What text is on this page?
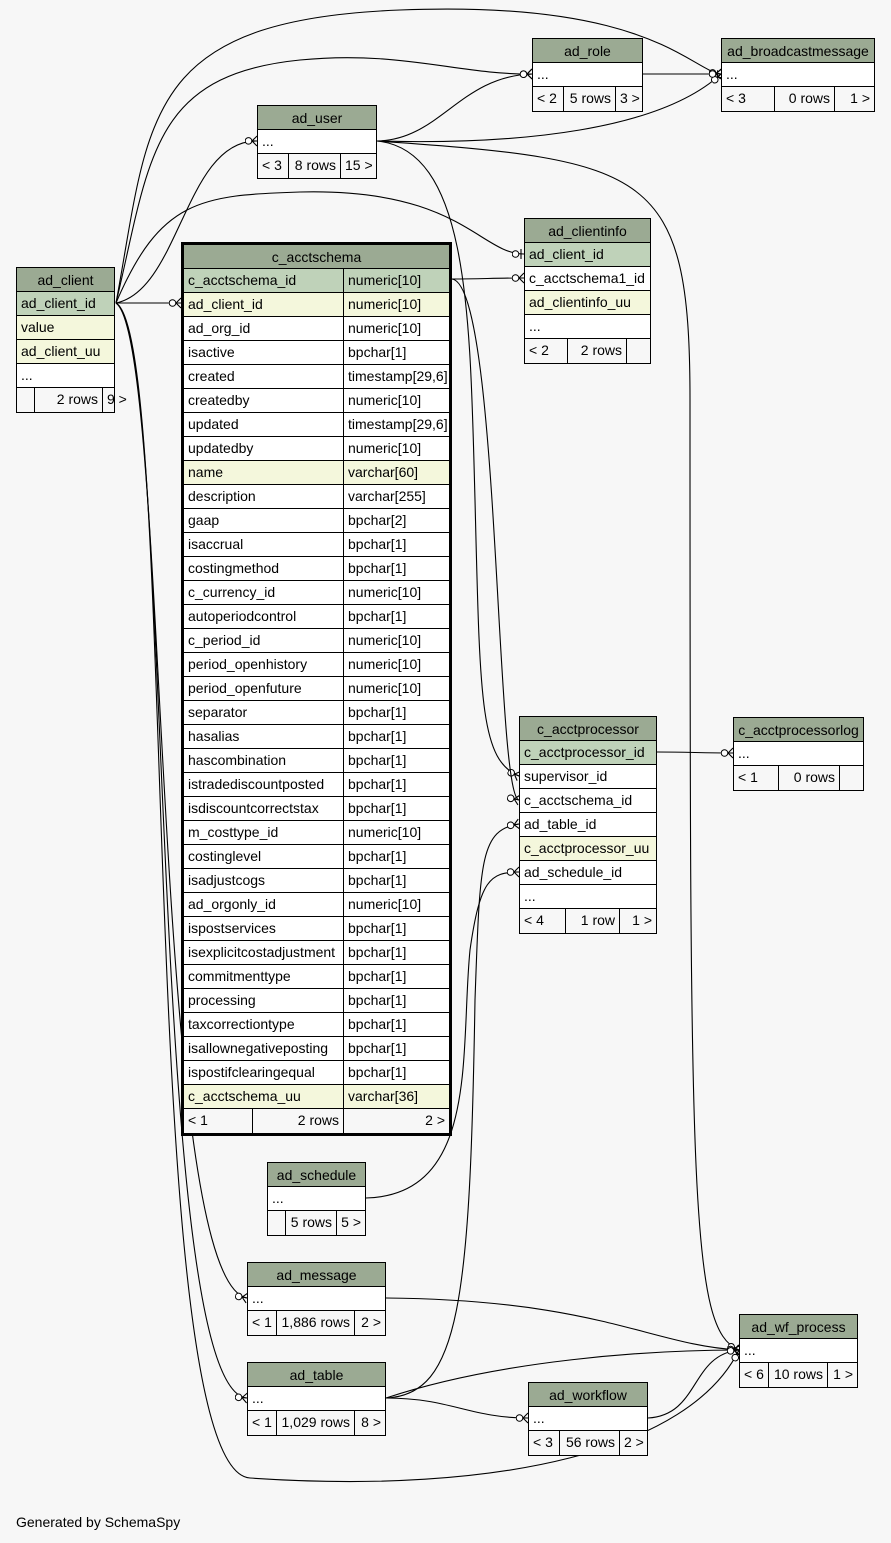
ad_client
ad_client_id
value
ad_client_uu
...
2 rows 9 >
ad_user
...
< 3 8 rows 15 >
ad_role
...
< 2 5 rows 3 >
ad_broadcastmessage
...
< 3	0 rows	1 >
ad_clientinfo
ad_client_id
c_acctschema1_id
ad_clientinfo_uu
...
< 2	2 rows
c_acctschema
c_acctschema_id	numeric[10]
ad_client_id	numeric[10]
ad_org_id	numeric[10]
isactive	bpchar[1]
created	timestamp[29,6]
createdby	numeric[10]
updated	timestamp[29,6]
updatedby	numeric[10]
name	varchar[60]
description	varchar[255]
gaap	bpchar[2]
isaccrual	bpchar[1]
costingmethod	bpchar[1]
c_currency_id	numeric[10]
autoperiodcontrol	bpchar[1]
c_period_id	numeric[10]
period_openhistory	numeric[10]
period_openfuture	numeric[10]
separator	bpchar[1]
hasalias	bpchar[1]
hascombination	bpchar[1]
istradediscountposted	bpchar[1]
isdiscountcorrectstax	bpchar[1]
m_costtype_id	numeric[10]
costinglevel	bpchar[1]
isadjustcogs	bpchar[1]
ad_orgonly_id	numeric[10]
ispostservices	bpchar[1]
isexplicitcostadjustment bpchar[1]
commitmenttype	bpchar[1]
processing	bpchar[1]
taxcorrectiontype	bpchar[1]
isallownegativeposting	bpchar[1]
ispostifclearingequal	bpchar[1]
c_acctschema_uu	varchar[36]
< 1	2 rows	2 >
c_acctprocessor
c_acctprocessor_id
supervisor_id
c_acctschema_id
ad_table_id
c_acctprocessor_uu
ad_schedule_id
...
< 4	1 row	1 >
c_acctprocessorlog
...
< 1	0 rows
ad_schedule
...
5 rows 5 >
ad_message
...
< 1 1,886 rows 2 >
ad_table
...
< 1 1,029 rows 8 >
ad_workflow
...
< 3 56 rows 2 >
ad_wf_process
...
< 6 10 rows 1 >
Generated by SchemaSpy
